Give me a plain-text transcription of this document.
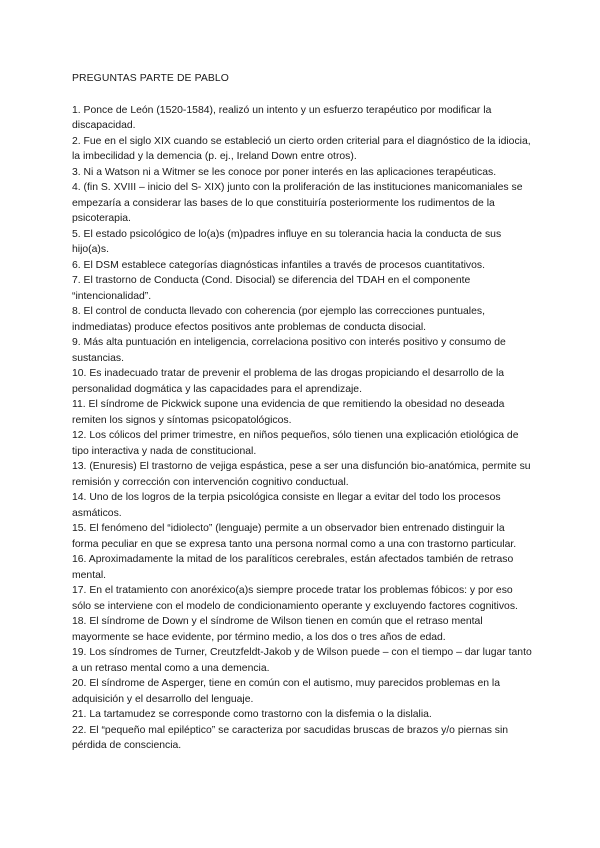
PREGUNTAS PARTE DE PABLO

1. Ponce de León (1520-1584), realizó un intento y un esfuerzo terapéutico por modificar la discapacidad.
2. Fue en el siglo XIX cuando se estableció un cierto orden criterial para el diagnóstico de la idiocia, la imbecilidad y la demencia (p. ej., Ireland Down entre otros).
3. Ni a Watson ni a Witmer se les conoce por poner interés en las aplicaciones terapéuticas.
4. (fin S. XVIII – inicio del S- XIX) junto con la proliferación de las instituciones manicomaniales se empezaría a considerar las bases de lo que constituiría posteriormente los rudimentos de la psicoterapia.
5. El estado psicológico de lo(a)s (m)padres influye en su tolerancia hacia la conducta de sus hijo(a)s.
6. El DSM establece categorías diagnósticas infantiles a través de procesos cuantitativos.
7. El trastorno de Conducta (Cond. Disocial) se diferencia del TDAH en el componente “intencionalidad”.
8. El control de conducta llevado con coherencia (por ejemplo las correcciones puntuales, indmediatas) produce efectos positivos ante problemas de conducta disocial.
9. Más alta puntuación en inteligencia, correlaciona positivo con interés positivo y consumo de sustancias.
10. Es inadecuado tratar de prevenir el problema de las drogas propiciando el desarrollo de la personalidad dogmática y las capacidades para el aprendizaje.
11. El síndrome de Pickwick supone una evidencia de que remitiendo la obesidad no deseada remiten los signos y síntomas psicopatológicos.
12. Los cólicos del primer trimestre, en niños pequeños, sólo tienen una explicación etiológica de tipo interactiva y nada de constitucional.
13. (Enuresis) El trastorno de vejiga espástica, pese a ser una disfunción bio-anatómica, permite su remisión y corrección con intervención cognitivo conductual.
14. Uno de los logros de la terpia psicológica consiste en llegar a evitar del todo los procesos asmáticos.
15. El fenómeno del “idiolecto” (lenguaje) permite a un observador bien entrenado distinguir la forma peculiar en que se expresa tanto una persona normal como a una con trastorno particular.
16. Aproximadamente la mitad de los paralíticos cerebrales, están afectados también de retraso mental.
17. En el tratamiento con anoréxico(a)s siempre procede tratar los problemas fóbicos: y por eso sólo se interviene con el modelo de condicionamiento operante y excluyendo factores cognitivos.
18. El síndrome de Down y el síndrome de Wilson tienen en común que el retraso mental mayormente se hace evidente, por término medio, a los dos o tres años de edad.
19. Los síndromes de Turner, Creutzfeldt-Jakob y de Wilson puede – con el tiempo – dar lugar tanto a un retraso mental como a una demencia.
20. El síndrome de Asperger, tiene en común con el autismo, muy parecidos problemas en la adquisición y el desarrollo del lenguaje.
21. La tartamudez se corresponde como trastorno con la disfemia o la dislalia.
22. El “pequeño mal epiléptico” se caracteriza por sacudidas bruscas de brazos y/o piernas sin pérdida de consciencia.
